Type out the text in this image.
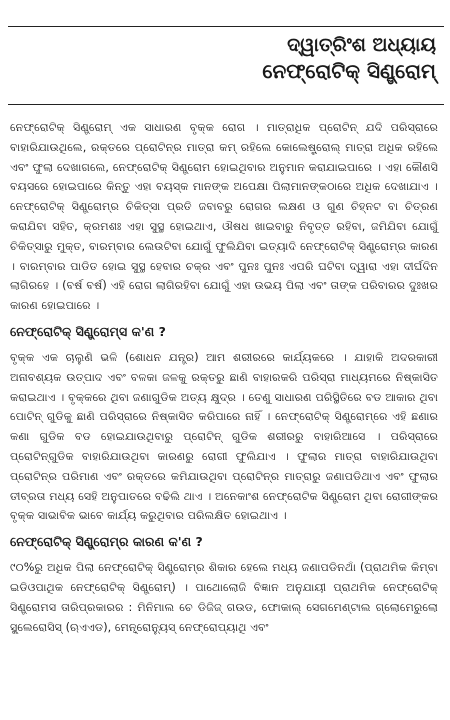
ଦ୍ୱାତ୍ରିଂଶ ଅଧ୍ୟାୟ
ନେଫ୍ରୋଟିକ୍ ସିଣ୍ଡ୍ରୋମ୍

ନେଫ୍ରୋଟିକ୍ ସିଣ୍ଡ୍ରୋମ୍ ଏକ ସାଧାରଣ ବୃକ୍କ ରୋଗ । ମାତ୍ରାଧିକ ପ୍ରୋଟିନ୍ ଯଦି ପରିସ୍ରାରେ ବାହାରିଯାଉଥିଲେ, ରକ୍ତରେ ପ୍ରୋଟିନ୍‌ର ମାତ୍ରା କମ୍ ରହିଲେ କୋଲେଷ୍ଟ୍ରୋଲ୍ ମାତ୍ରା ଅଧିକ ରହିଲେ ଏବଂ ଫୁଲା ଦେଖାଗଲେ, ନେଫ୍ରୋଟିକ୍ ସିଣ୍ଡ୍ରୋମ ହୋଇଥିବାର ଅନୁମାନ କରାଯାଇପାରେ । ଏହା କୌଣସି ବୟସରେ ହୋଇପାରେ କିନ୍ତୁ ଏହା ବୟସ୍କ ମାନଙ୍କ ଅପେକ୍ଷା ପିଲାମାନଙ୍କଠାରେ ଅଧିକ ଦେଖାଯାଏ । ନେଫ୍ରୋଟିକ୍ ସିଣ୍ଡ୍ରୋମ୍‌ର ଚିକିତ୍ସା ପ୍ରତି ଜବାବରୁ ରୋଗର ଲକ୍ଷଣ ଓ ଗୁଣ ଚିହ୍ନଟ ବା ଚିତ୍ରଣ କରାଯିବା ସହିତ, କ୍ରମଶଃ ଏହା ସୁସ୍ଥ ହୋଇଥାଏ, ଔଷଧ ଖାଇବାରୁ ନିବୃତ୍ତ ରହିବା, ଜମିଯିବା ଯୋଗୁଁ ଚିକିତ୍ସାରୁ ମୁକ୍ତ, ବାରମ୍ବାର ଲେଉଟିବା ଯୋଗୁଁ ଫୁଲିଯିବା ଇତ୍ୟାଦି ନେଫ୍ରୋଟିକ୍ ସିଣ୍ଡ୍ରୋମ୍‌ର କାରଣ । ବାରମ୍ବାର ପାଡିତ ହୋଇ ସୁସ୍ଥ ହେବାର ଚକ୍ର ଏବଂ ପୁନଃ ପୁନଃ ଏପରି ଘଟିବା ଦ୍ୱାରା ଏହା ଦୀର୍ଘଦିନ ଲାଗିରହେ । (ବର୍ଷ ବର୍ଷ) ଏହି ରୋଗ ଲାଗିରହିବା ଯୋଗୁଁ ଏହା ଉଭୟ ପିଲା ଏବଂ ତାଙ୍କ ପରିବାରର ଦୁଃଖର କାରଣ ହୋଇପାରେ ।

ନେଫ୍ରୋଟିକ୍ ସିଣ୍ଡ୍ରୋମ୍‌ସ କ'ଣ ?

ବୃକ୍କ ଏକ ଚାଲୁଣି ଭଳି (ଶୋଧନ ଯନ୍ତ୍ର) ଆମ ଶରୀରରେ କାର୍ଯ୍ୟକରେ । ଯାହାକି ଅଦରକାରୀ ଅନାବଶ୍ୟକ ଉତ୍ପାଦ ଏବଂ ବଳକା ଜଳକୁ ରକ୍ତରୁ ଛାଣି ବାହାରକରି ପରିସ୍ରା ମାଧ୍ୟମରେ ନିଷ୍କାସିତ କରାଇଥାଏ । ବୃକ୍କରେ ଥିବା ଜଣାଗୁଡିକ ଅତ୍ୟ କ୍ଷୁଦ୍ର । ତେଣୁ ସାଧାରଣ ପରିସ୍ଥିତିରେ ବଡ ଆକାର ଥିବା ପୋଟିନ୍ ଗୁଡିକୁ ଛାଣି ପରିସ୍ରାରେ ନିଷ୍କାସିତ କରିପାରେ ନାହିଁ । ନେଫ୍ରୋଟିକ୍ ସିଣ୍ଡ୍ରୋମ୍‌ରେ ଏହି ଛଣାର କଣା ଗୁଡିକ ବଡ ହୋଇଯାଉଥିବାରୁ ପ୍ରୋଟିନ୍ ଗୁଡିକ ଶରୀରରୁ ବାହାରିଆସେ । ପରିସ୍ରାରେ ପ୍ରୋଟିନ୍‌ଗୁଡିକ ବାହାରିଯାଉଥିବା କାରଣରୁ ରୋଗୀ ଫୁଲିଯାଏ । ଫୁଲାର ମାତ୍ରା ବାହାରିଯାଉଥିବା ପ୍ରୋଟିନ୍‌ର ପରିମାଣ ଏବଂ ରକ୍ତରେ କମିଯାଉଥିବା ପ୍ରୋଟିନ୍‌ର ମାତ୍ରାରୁ ଜଣାପଡିଥାଏ ଏବଂ ଫୁଲାର ତୀବ୍ରତା ମଧ୍ୟ ସେହି ଅନୁପାତରେ ବଢିଲି ଥାଏ । ଅନେକାଂଶ ନେଫ୍ରୋଟିକ ସିଣ୍ଡ୍ରୋମ ଥିବା ରୋଗୀଙ୍କର ବୃକ୍କ ସାଭାବିକ ଭାବେ କାର୍ଯ୍ୟ କରୁଥିବାର ପରିଲକ୍ଷିତ ହୋଇଥାଏ ।

ନେଫ୍ରୋଟିକ୍ ସିଣ୍ଡ୍ରୋମ୍‌ର କାରଣ କ'ଣ ?

୯୦%ରୁ ଅଧିକ ପିଲା ନେଫ୍ରୋଟିକ୍ ସିଣ୍ଡ୍ରୋମ୍‌ର ଶିକାର ହେଲେ ମଧ୍ୟ ଜଣାପଡିନଥାଁ (ପ୍ରାଥମିକ କିମ୍ବା ଇଡିଓପାଥିକ ନେଫ୍ରୋଟିକ୍ ସିଣ୍ଡ୍ରୋମ୍) । ପାଥୋଲୋଜି ବିଜ୍ଞାନ ଅନୁଯାୟୀ ପ୍ରାଥମିକ ନେଫ୍ରୋଟିକ୍ ସିଣ୍ଡ୍ରୋମସ ତାରିପ୍ରକାରର : ମିନିମାଲ ଚେ ଡିଜିଜ୍ ଗଉଡ, ଫୋକାଲ୍ ସେଗମେଣ୍ଟାଲ ଗ୍ଲୋମେରୁଲୋ ସ୍କ୍ଲେରୋସିସ୍ (ଋଏଏଡ), ମେନ୍ବ୍ରୋନ୍ୟୁସ୍ ନେଫ୍ରୋପ୍ୟାଥି ଏବଂ
